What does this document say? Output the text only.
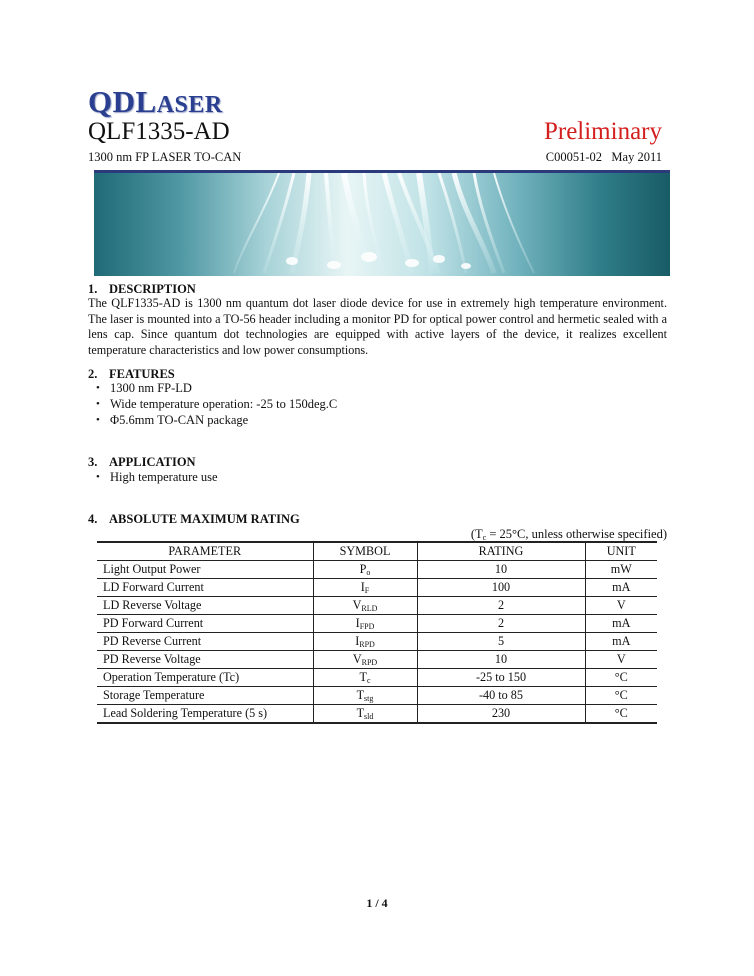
QDLASER
QLF1335-AD	Preliminary
1300 nm FP LASER TO-CAN	C00051-02 May 2011
1. DESCRIPTION
The QLF1335-AD is 1300 nm quantum dot laser diode device for use in extremely high temperature environment. The laser is mounted into a TO-56 header including a monitor PD for optical power control and hermetic sealed with a lens cap. Since quantum dot technologies are equipped with active layers of the device, it realizes excellent temperature characteristics and low power consumptions.
2. FEATURES
• 1300 nm FP-LD
• Wide temperature operation: -25 to 150deg.C
• Φ5.6mm TO-CAN package
3. APPLICATION
• High temperature use
4. ABSOLUTE MAXIMUM RATING
($T_c = 25^\circ C$, unless otherwise specified)
PARAMETER	SYMBOL	RATING	UNIT
Light Output Power	$P_o$	10	mW
LD Forward Current	$I_F$	100	mA
LD Reverse Voltage	$V_{RLD}$	2	V
PD Forward Current	$I_{FPD}$	2	mA
PD Reverse Current	$I_{RPD}$	5	mA
PD Reverse Voltage	$V_{RPD}$	10	V
Operation Temperature (Tc)	$T_c$	-25 to 150	°C
Storage Temperature	$T_{stg}$	-40 to 85	°C
Lead Soldering Temperature (5 s)	$T_{sld}$	230	°C
1 / 4
